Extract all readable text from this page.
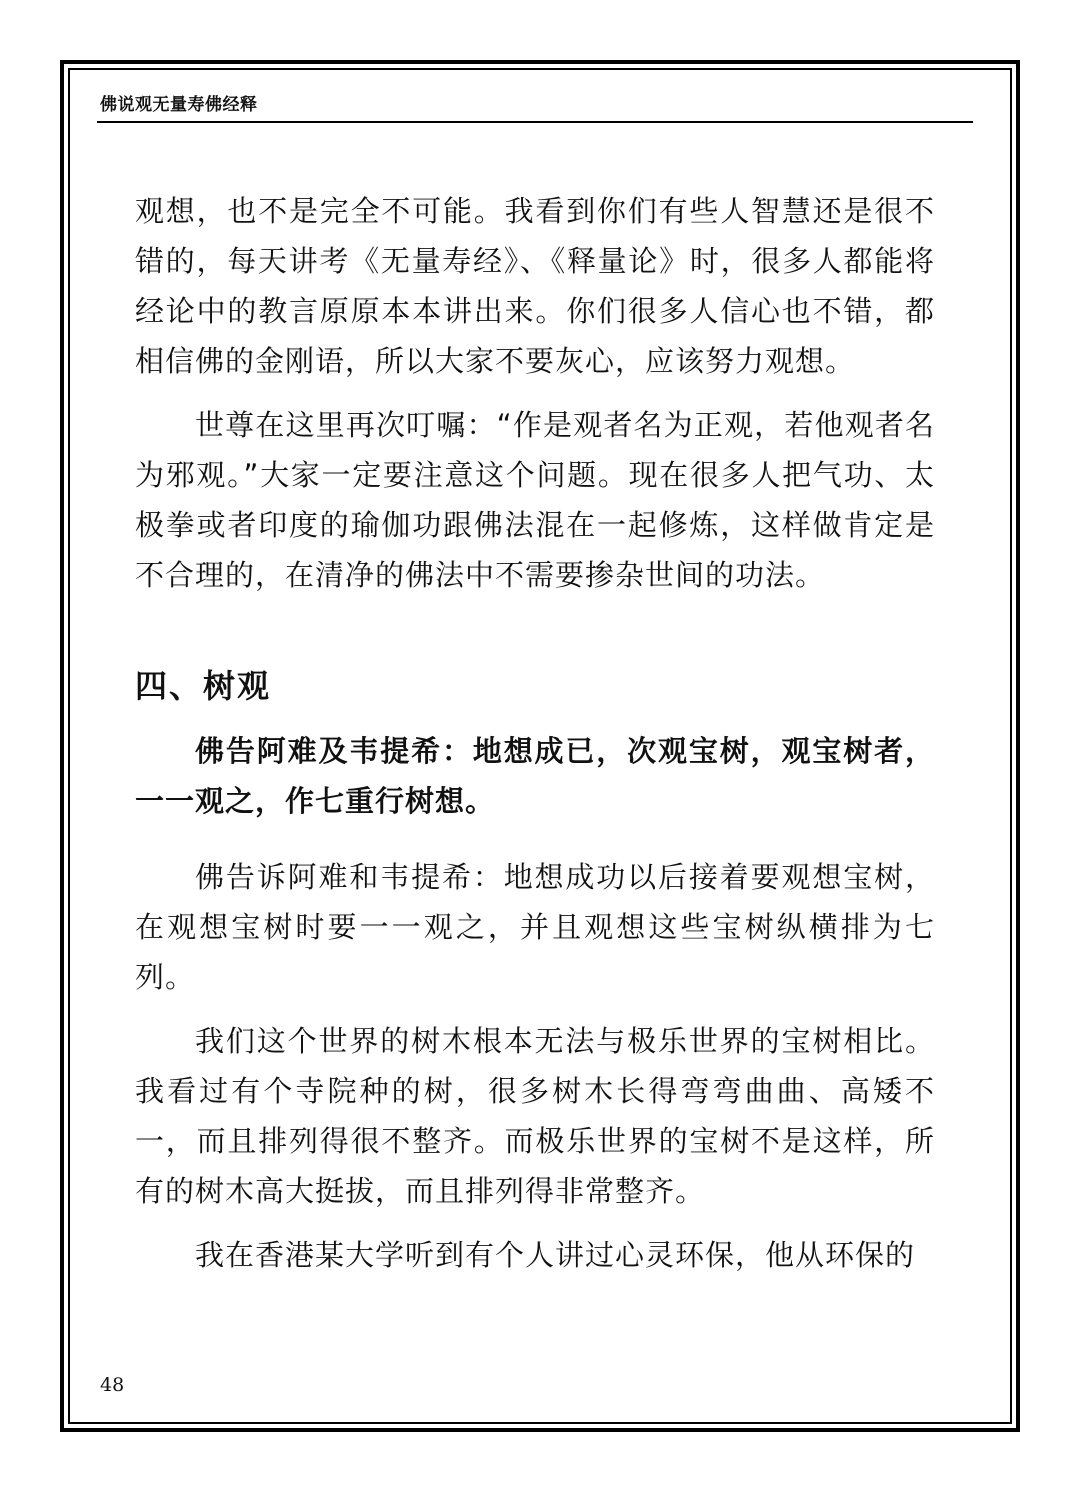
佛说观无量寿佛经释

观想，也不是完全不可能。我看到你们有些人智慧还是很不错的，每天讲考《无量寿经》、《释量论》时，很多人都能将经论中的教言原原本本讲出来。你们很多人信心也不错，都相信佛的金刚语，所以大家不要灰心，应该努力观想。

世尊在这里再次叮嘱：“作是观者名为正观，若他观者名为邪观。”大家一定要注意这个问题。现在很多人把气功、太极拳或者印度的瑜伽功跟佛法混在一起修炼，这样做肯定是不合理的，在清净的佛法中不需要掺杂世间的功法。

四、树观

佛告阿难及韦提希：地想成已，次观宝树，观宝树者，一一观之，作七重行树想。

佛告诉阿难和韦提希：地想成功以后接着要观想宝树，在观想宝树时要一一观之，并且观想这些宝树纵横排为七列。

我们这个世界的树木根本无法与极乐世界的宝树相比。我看过有个寺院种的树，很多树木长得弯弯曲曲、高矮不一，而且排列得很不整齐。而极乐世界的宝树不是这样，所有的树木高大挺拔，而且排列得非常整齐。

我在香港某大学听到有个人讲过心灵环保，他从环保的

48
